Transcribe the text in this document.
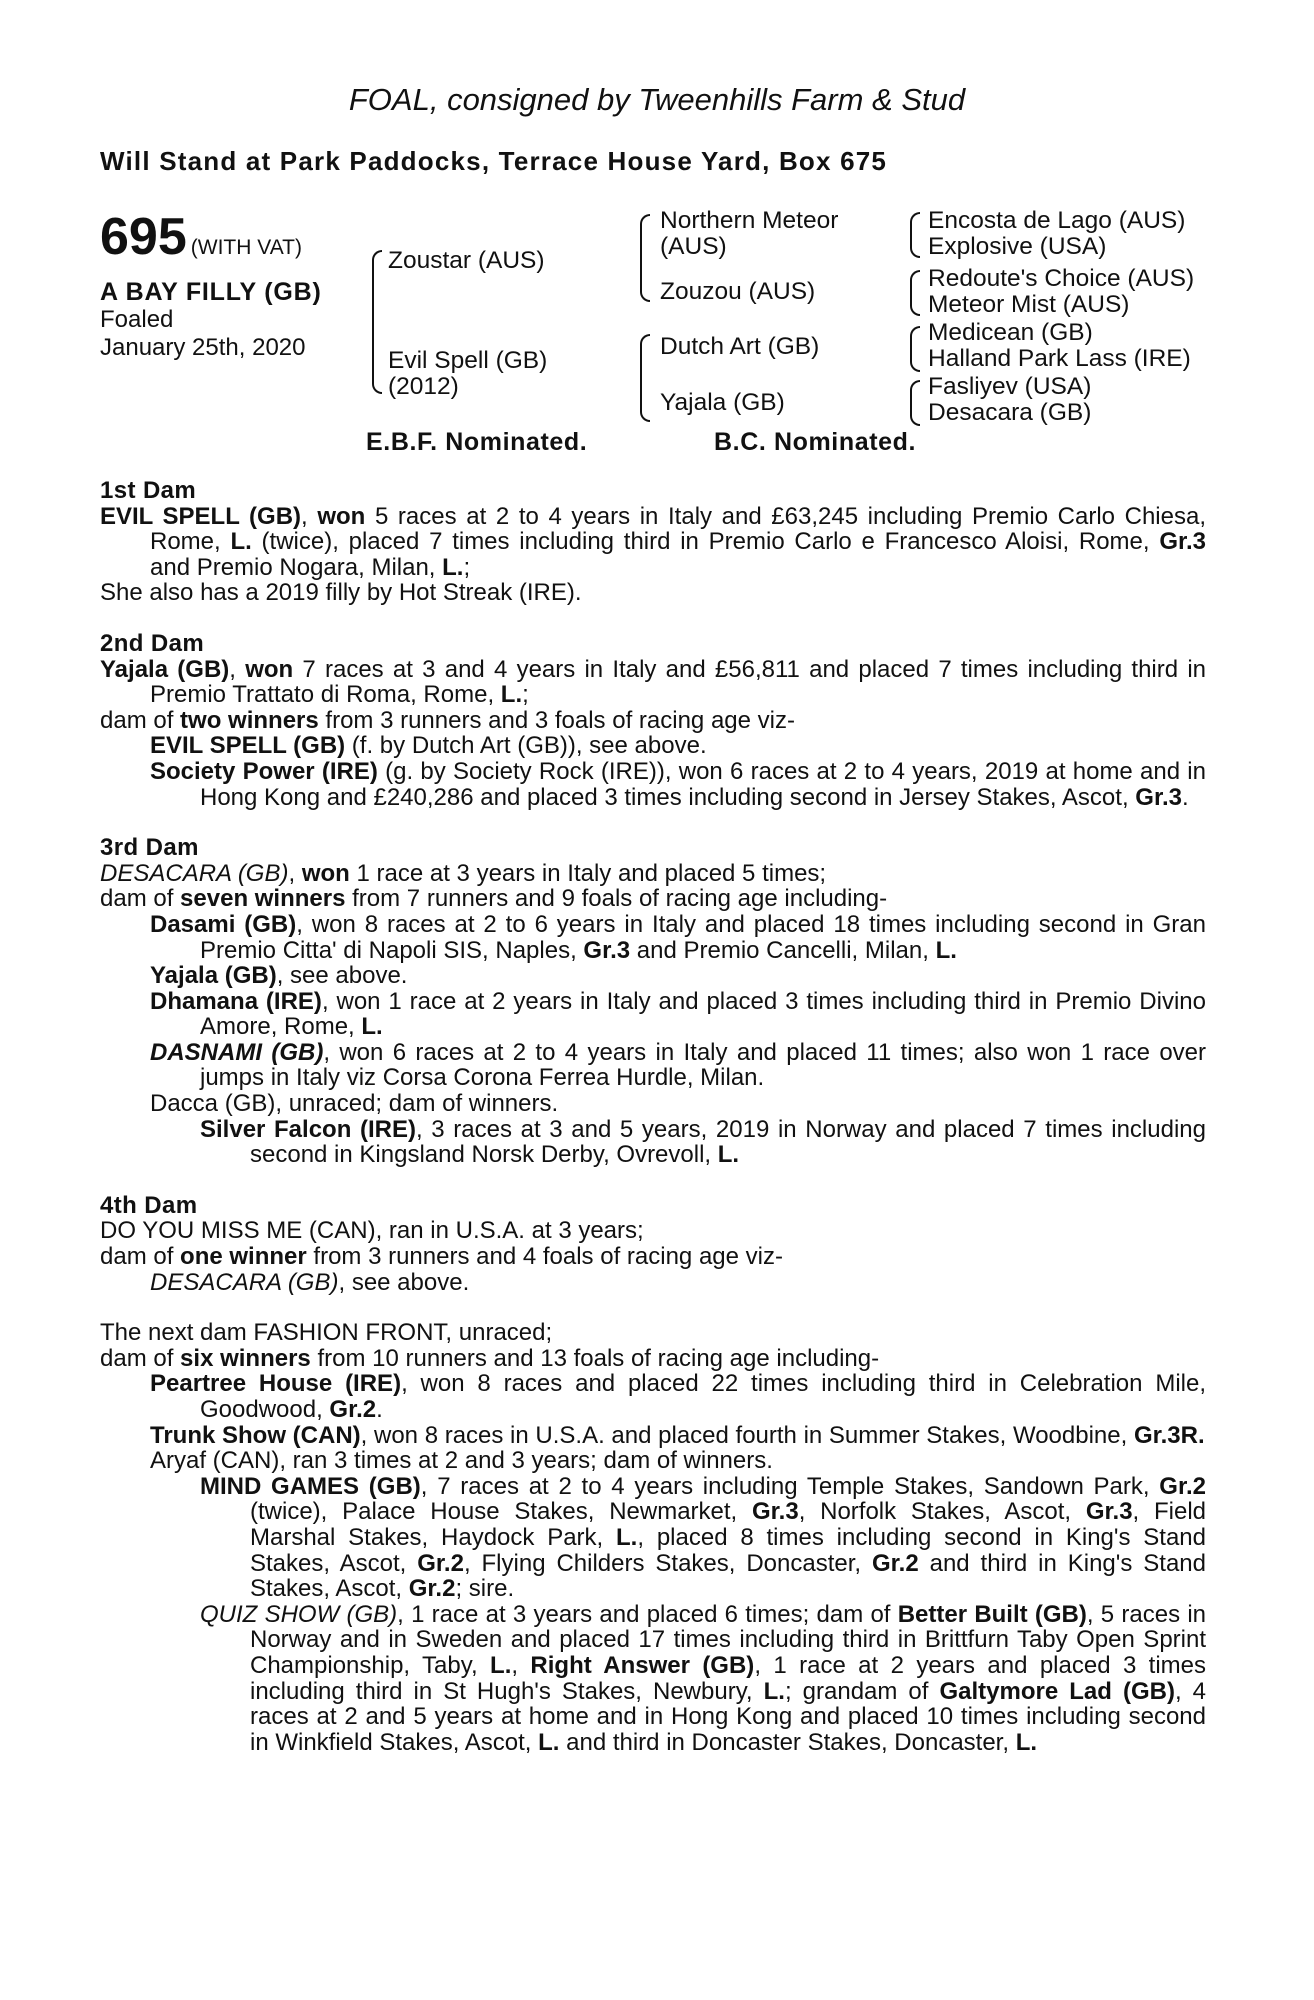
FOAL, consigned by Tweenhills Farm & Stud
Will Stand at Park Paddocks, Terrace House Yard, Box 675
695 (WITH VAT)
A BAY FILLY (GB)
Foaled
January 25th, 2020
Zoustar (AUS)
Evil Spell (GB)
(2012)
Northern Meteor
(AUS)
Zouzou (AUS)
Dutch Art (GB)
Yajala (GB)
Encosta de Lago (AUS)
Explosive (USA)
Redoute's Choice (AUS)
Meteor Mist (AUS)
Medicean (GB)
Halland Park Lass (IRE)
Fasliyev (USA)
Desacara (GB)
E.B.F. Nominated.	B.C. Nominated.

1st Dam

EVIL SPELL (GB), won 5 races at 2 to 4 years in Italy and £63,245 including Premio Carlo Chiesa, Rome, L. (twice), placed 7 times including third in Premio Carlo e Francesco Aloisi, Rome, Gr.3 and Premio Nogara, Milan, L.;

She also has a 2019 filly by Hot Streak (IRE).

2nd Dam

Yajala (GB), won 7 races at 3 and 4 years in Italy and £56,811 and placed 7 times including third in Premio Trattato di Roma, Rome, L.;

dam of two winners from 3 runners and 3 foals of racing age viz-

EVIL SPELL (GB) (f. by Dutch Art (GB)), see above.

Society Power (IRE) (g. by Society Rock (IRE)), won 6 races at 2 to 4 years, 2019 at home and in Hong Kong and £240,286 and placed 3 times including second in Jersey Stakes, Ascot, Gr.3.

3rd Dam

DESACARA (GB), won 1 race at 3 years in Italy and placed 5 times;

dam of seven winners from 7 runners and 9 foals of racing age including-

Dasami (GB), won 8 races at 2 to 6 years in Italy and placed 18 times including second in Gran Premio Citta' di Napoli SIS, Naples, Gr.3 and Premio Cancelli, Milan, L.

Yajala (GB), see above.

Dhamana (IRE), won 1 race at 2 years in Italy and placed 3 times including third in Premio Divino Amore, Rome, L.

DASNAMI (GB), won 6 races at 2 to 4 years in Italy and placed 11 times; also won 1 race over jumps in Italy viz Corsa Corona Ferrea Hurdle, Milan.

Dacca (GB), unraced; dam of winners.

Silver Falcon (IRE), 3 races at 3 and 5 years, 2019 in Norway and placed 7 times including second in Kingsland Norsk Derby, Ovrevoll, L.

4th Dam

DO YOU MISS ME (CAN), ran in U.S.A. at 3 years;

dam of one winner from 3 runners and 4 foals of racing age viz-

DESACARA (GB), see above.

The next dam FASHION FRONT, unraced;

dam of six winners from 10 runners and 13 foals of racing age including-

Peartree House (IRE), won 8 races and placed 22 times including third in Celebration Mile, Goodwood, Gr.2.

Trunk Show (CAN), won 8 races in U.S.A. and placed fourth in Summer Stakes, Woodbine, Gr.3R.

Aryaf (CAN), ran 3 times at 2 and 3 years; dam of winners.

MIND GAMES (GB), 7 races at 2 to 4 years including Temple Stakes, Sandown Park, Gr.2 (twice), Palace House Stakes, Newmarket, Gr.3, Norfolk Stakes, Ascot, Gr.3, Field Marshal Stakes, Haydock Park, L., placed 8 times including second in King's Stand Stakes, Ascot, Gr.2, Flying Childers Stakes, Doncaster, Gr.2 and third in King's Stand Stakes, Ascot, Gr.2; sire.

QUIZ SHOW (GB), 1 race at 3 years and placed 6 times; dam of Better Built (GB), 5 races in Norway and in Sweden and placed 17 times including third in Brittfurn Taby Open Sprint Championship, Taby, L., Right Answer (GB), 1 race at 2 years and placed 3 times including third in St Hugh's Stakes, Newbury, L.; grandam of Galtymore Lad (GB), 4 races at 2 and 5 years at home and in Hong Kong and placed 10 times including second in Winkfield Stakes, Ascot, L. and third in Doncaster Stakes, Doncaster, L.
